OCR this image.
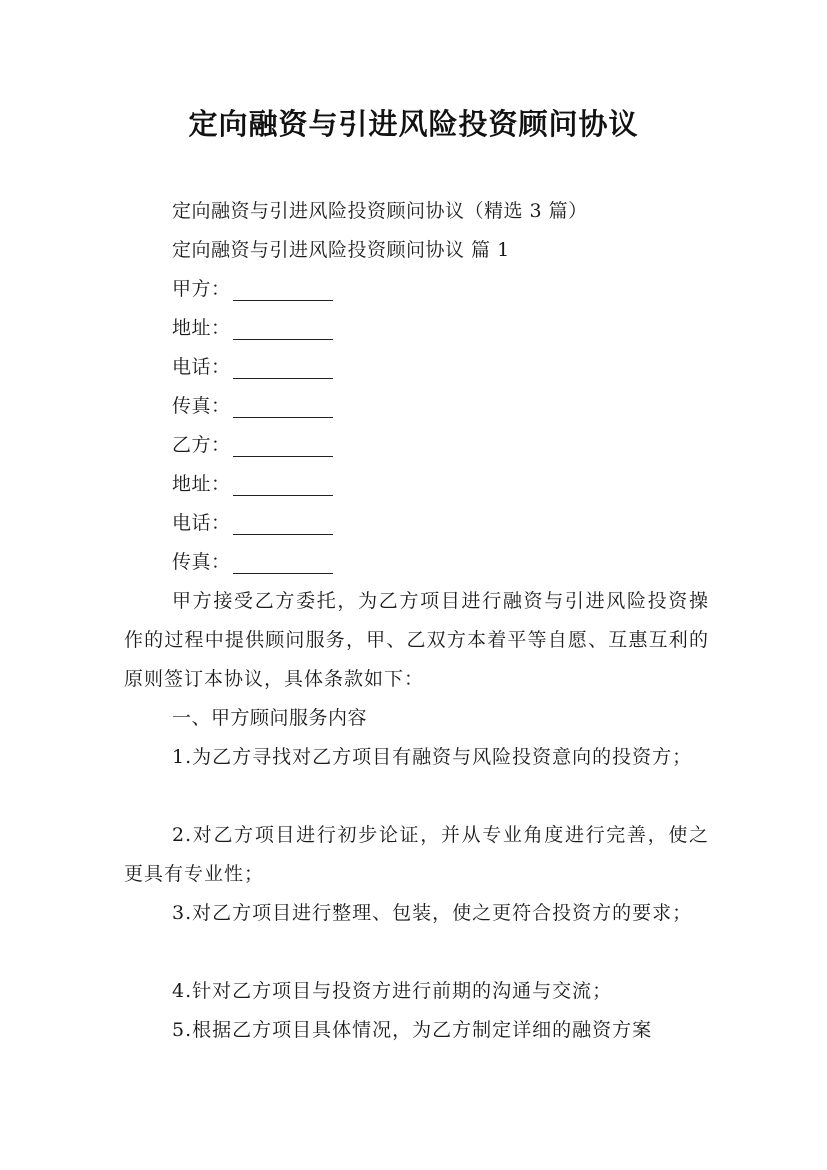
定向融资与引进风险投资顾问协议
定向融资与引进风险投资顾问协议（精选 3 篇）
定向融资与引进风险投资顾问协议 篇 1
甲方：
地址：
电话：
传真：
乙方：
地址：
电话：
传真：
甲方接受乙方委托，为乙方项目进行融资与引进风险投资操作的过程中提供顾问服务，甲、乙双方本着平等自愿、互惠互利的原则签订本协议，具体条款如下：
一、甲方顾问服务内容
1.为乙方寻找对乙方项目有融资与风险投资意向的投资方；
2.对乙方项目进行初步论证，并从专业角度进行完善，使之更具有专业性；
3.对乙方项目进行整理、包装，使之更符合投资方的要求；
4.针对乙方项目与投资方进行前期的沟通与交流；
5.根据乙方项目具体情况，为乙方制定详细的融资方案
